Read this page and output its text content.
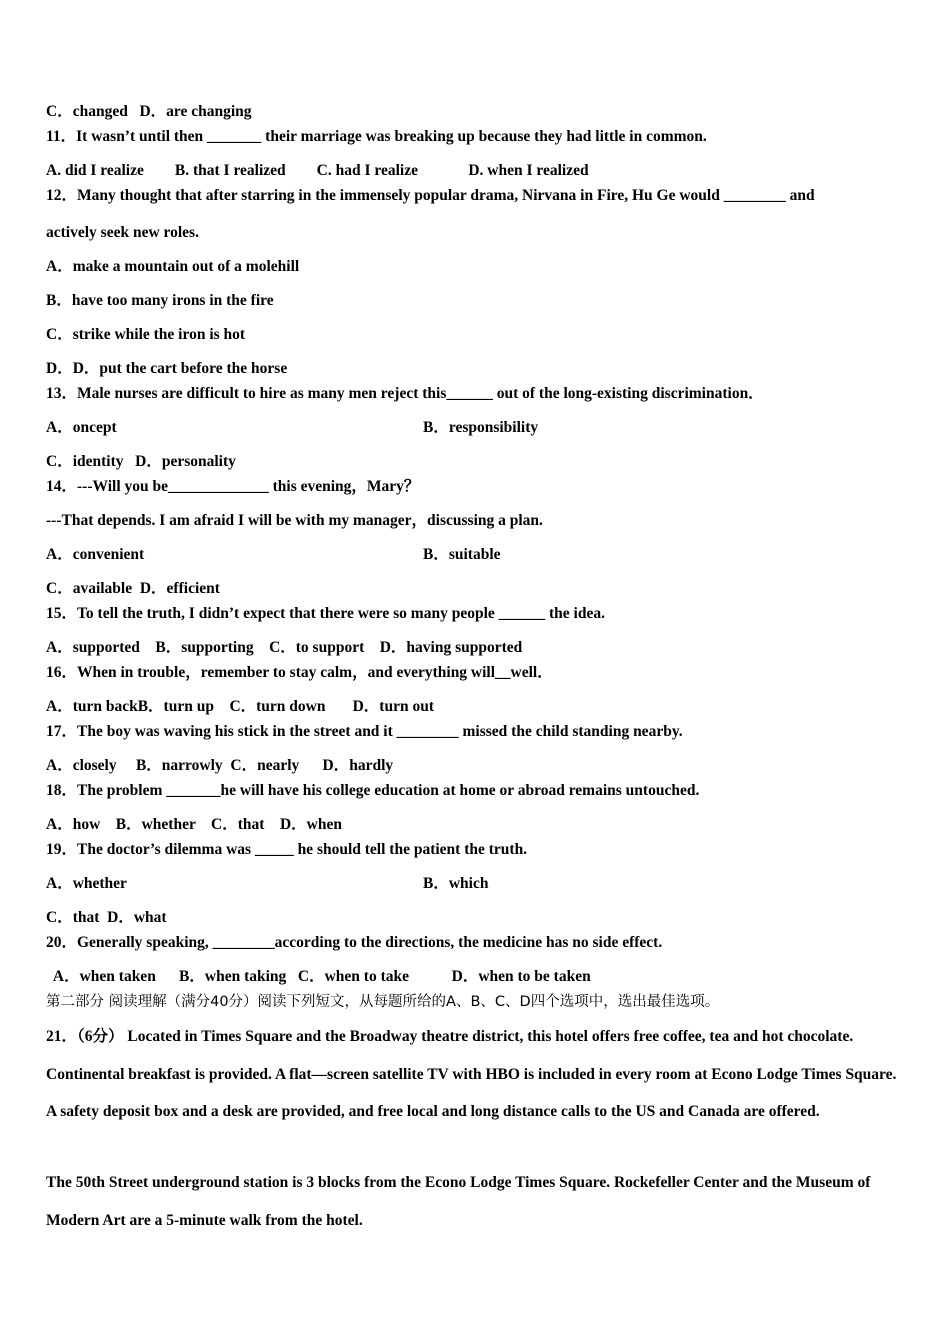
C．changed   D．are changing

11．It wasn’t until then _______ their marriage was breaking up because they had little in common.

A. did I realize        B. that I realized        C. had I realize             D. when I realized

12．Many thought that after starring in the immensely popular drama, Nirvana in Fire, Hu Ge would ________ and

actively seek new roles.

A．make a mountain out of a molehill

B．have too many irons in the fire

C．strike while the iron is hot

D．D．put the cart before the horse

13．Male nurses are difficult to hire as many men reject this______ out of the long-existing discrimination．

A．oncept	B．responsibility

C．identity   D．personality

14．---Will you be_____________ this evening，Mary？

---That depends. I am afraid I will be with my manager，discussing a plan.

A．convenient	B．suitable

C．available  D．efficient

15．To tell the truth, I didn’t expect that there were so many people ______ the idea.

A．supported    B．supporting    C．to support    D．having supported

16．When in trouble，remember to stay calm，and everything will__well．

A．turn backB．turn up    C．turn down       D．turn out

17．The boy was waving his stick in the street and it ________ missed the child standing nearby.

A．closely     B．narrowly  C．nearly      D．hardly

18．The problem _______he will have his college education at home or abroad remains untouched.

A．how    B．whether    C．that    D．when

19．The doctor’s dilemma was _____ he should tell the patient the truth.

A．whether	B．which

C．that  D．what

20．Generally speaking, ________according to the directions, the medicine has no side effect.

A．when taken      B．when taking   C．when to take           D．when to be taken

第二部分 阅读理解（满分40分）阅读下列短文，从每题所给的A、B、C、D四个选项中，选出最佳选项。

21．（6分） Located in Times Square and the Broadway theatre district, this hotel offers free coffee, tea and hot chocolate. Continental breakfast is provided. A flat—screen satellite TV with HBO is included in every room at Econo Lodge Times Square. A safety deposit box and a desk are provided, and free local and long distance calls to the US and Canada are offered.

The 50th Street underground station is 3 blocks from the Econo Lodge Times Square. Rockefeller Center and the Museum of Modern Art are a 5-minute walk from the hotel.
